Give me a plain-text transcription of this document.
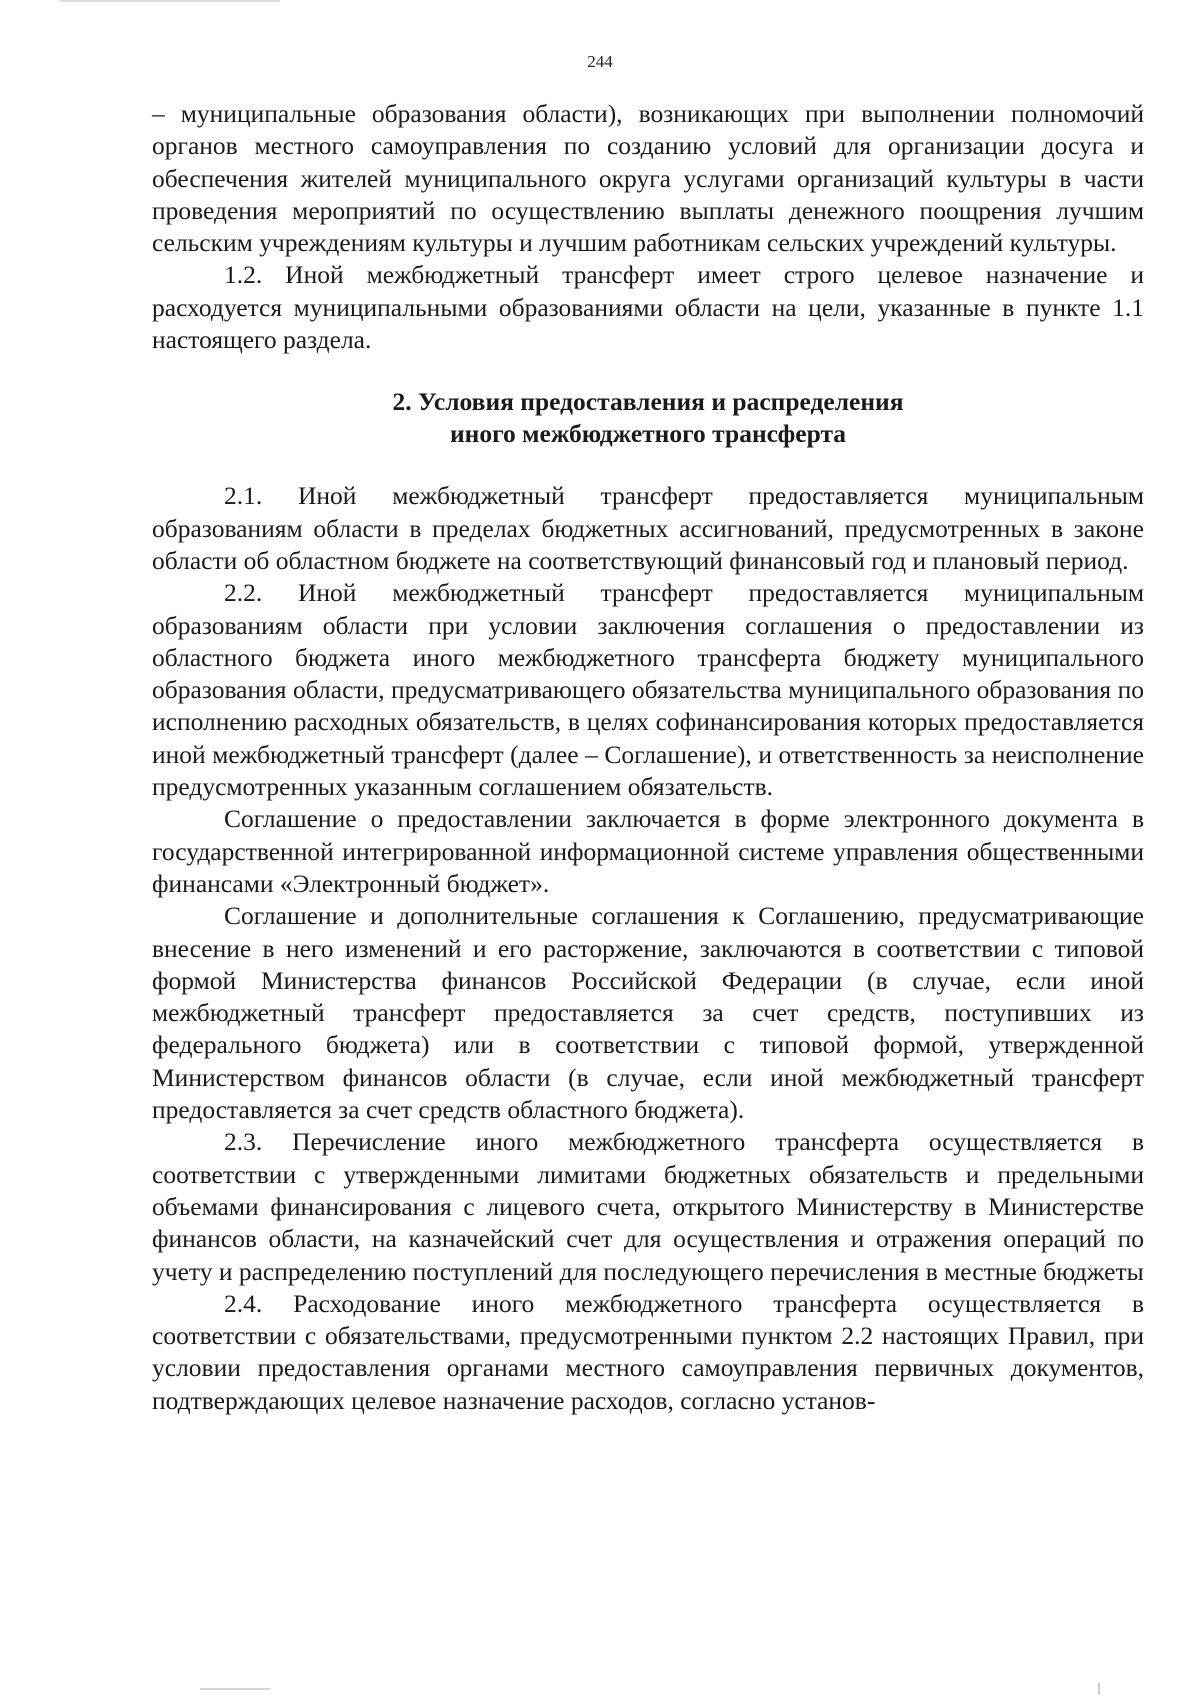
244

– муниципальные образования области), возникающих при выполнении полномочий органов местного самоуправления по созданию условий для организации досуга и обеспечения жителей муниципального округа услугами организаций культуры в части проведения мероприятий по осуществлению выплаты денежного поощрения лучшим сельским учреждениям культуры и лучшим работникам сельских учреждений культуры.

1.2. Иной межбюджетный трансферт имеет строго целевое назначение и расходуется муниципальными образованиями области на цели, указанные в пункте 1.1 настоящего раздела.

2. Условия предоставления и распределения
иного межбюджетного трансферта

2.1. Иной межбюджетный трансферт предоставляется муниципальным образованиям области в пределах бюджетных ассигнований, предусмотренных в законе области об областном бюджете на соответствующий финансовый год и плановый период.

2.2. Иной межбюджетный трансферт предоставляется муниципальным образованиям области при условии заключения соглашения о предоставлении из областного бюджета иного межбюджетного трансферта бюджету муниципального образования области, предусматривающего обязательства муниципального образования по исполнению расходных обязательств, в целях софинансирования которых предоставляется иной межбюджетный трансферт (далее – Соглашение), и ответственность за неисполнение предусмотренных указанным соглашением обязательств.

Соглашение о предоставлении заключается в форме электронного документа в государственной интегрированной информационной системе управления общественными финансами «Электронный бюджет».

Соглашение и дополнительные соглашения к Соглашению, предусматривающие внесение в него изменений и его расторжение, заключаются в соответствии с типовой формой Министерства финансов Российской Федерации (в случае, если иной межбюджетный трансферт предоставляется за счет средств, поступивших из федерального бюджета) или в соответствии с типовой формой, утвержденной Министерством финансов области (в случае, если иной межбюджетный трансферт предоставляется за счет средств областного бюджета).

2.3. Перечисление иного межбюджетного трансферта осуществляется в соответствии с утвержденными лимитами бюджетных обязательств и предельными объемами финансирования с лицевого счета, открытого Министерству в Министерстве финансов области, на казначейский счет для осуществления и отражения операций по учету и распределению поступлений для последующего перечисления в местные бюджеты

2.4. Расходование иного межбюджетного трансферта осуществляется в соответствии с обязательствами, предусмотренными пунктом 2.2 настоящих Правил, при условии предоставления органами местного самоуправления первичных документов, подтверждающих целевое назначение расходов, согласно установ-
